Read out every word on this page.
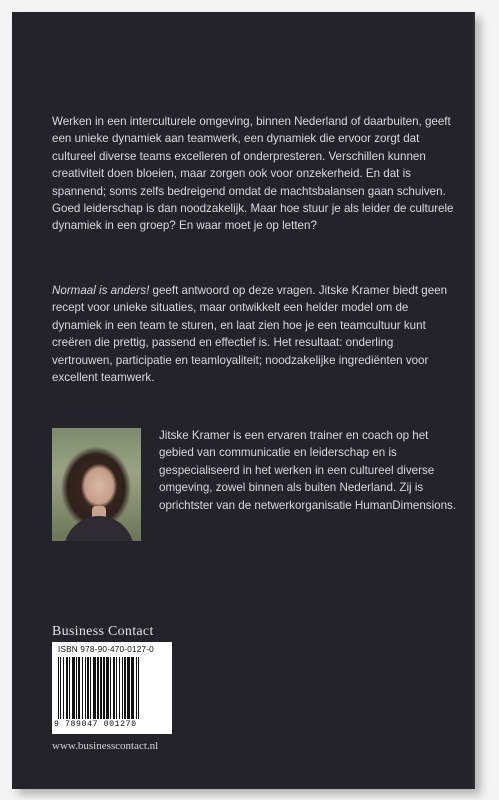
Werken in een interculturele omgeving, binnen Nederland of daarbuiten, geeft een unieke dynamiek aan teamwerk, een dynamiek die ervoor zorgt dat cultureel diverse teams excelleren of onderpresteren. Verschillen kunnen creativiteit doen bloeien, maar zorgen ook voor onzekerheid. En dat is spannend; soms zelfs bedreigend omdat de machtsbalansen gaan schuiven. Goed leiderschap is dan noodzakelijk. Maar hoe stuur je als leider de culturele dynamiek in een groep? En waar moet je op letten?

Normaal is anders! geeft antwoord op deze vragen. Jitske Kramer biedt geen recept voor unieke situaties, maar ontwikkelt een helder model om de dynamiek in een team te sturen, en laat zien hoe je een teamcultuur kunt creëren die prettig, passend en effectief is. Het resultaat: onderling vertrouwen, participatie en teamloyaliteit; noodzakelijke ingrediënten voor excellent teamwerk.

Jitske Kramer is een ervaren trainer en coach op het gebied van communicatie en leiderschap en is gespecialiseerd in het werken in een cultureel diverse omgeving, zowel binnen als buiten Nederland. Zij is oprichtster van de netwerkorganisatie HumanDimensions.

Business Contact
ISBN 978-90-470-0127-0
9 789047 001270
www.businesscontact.nl
